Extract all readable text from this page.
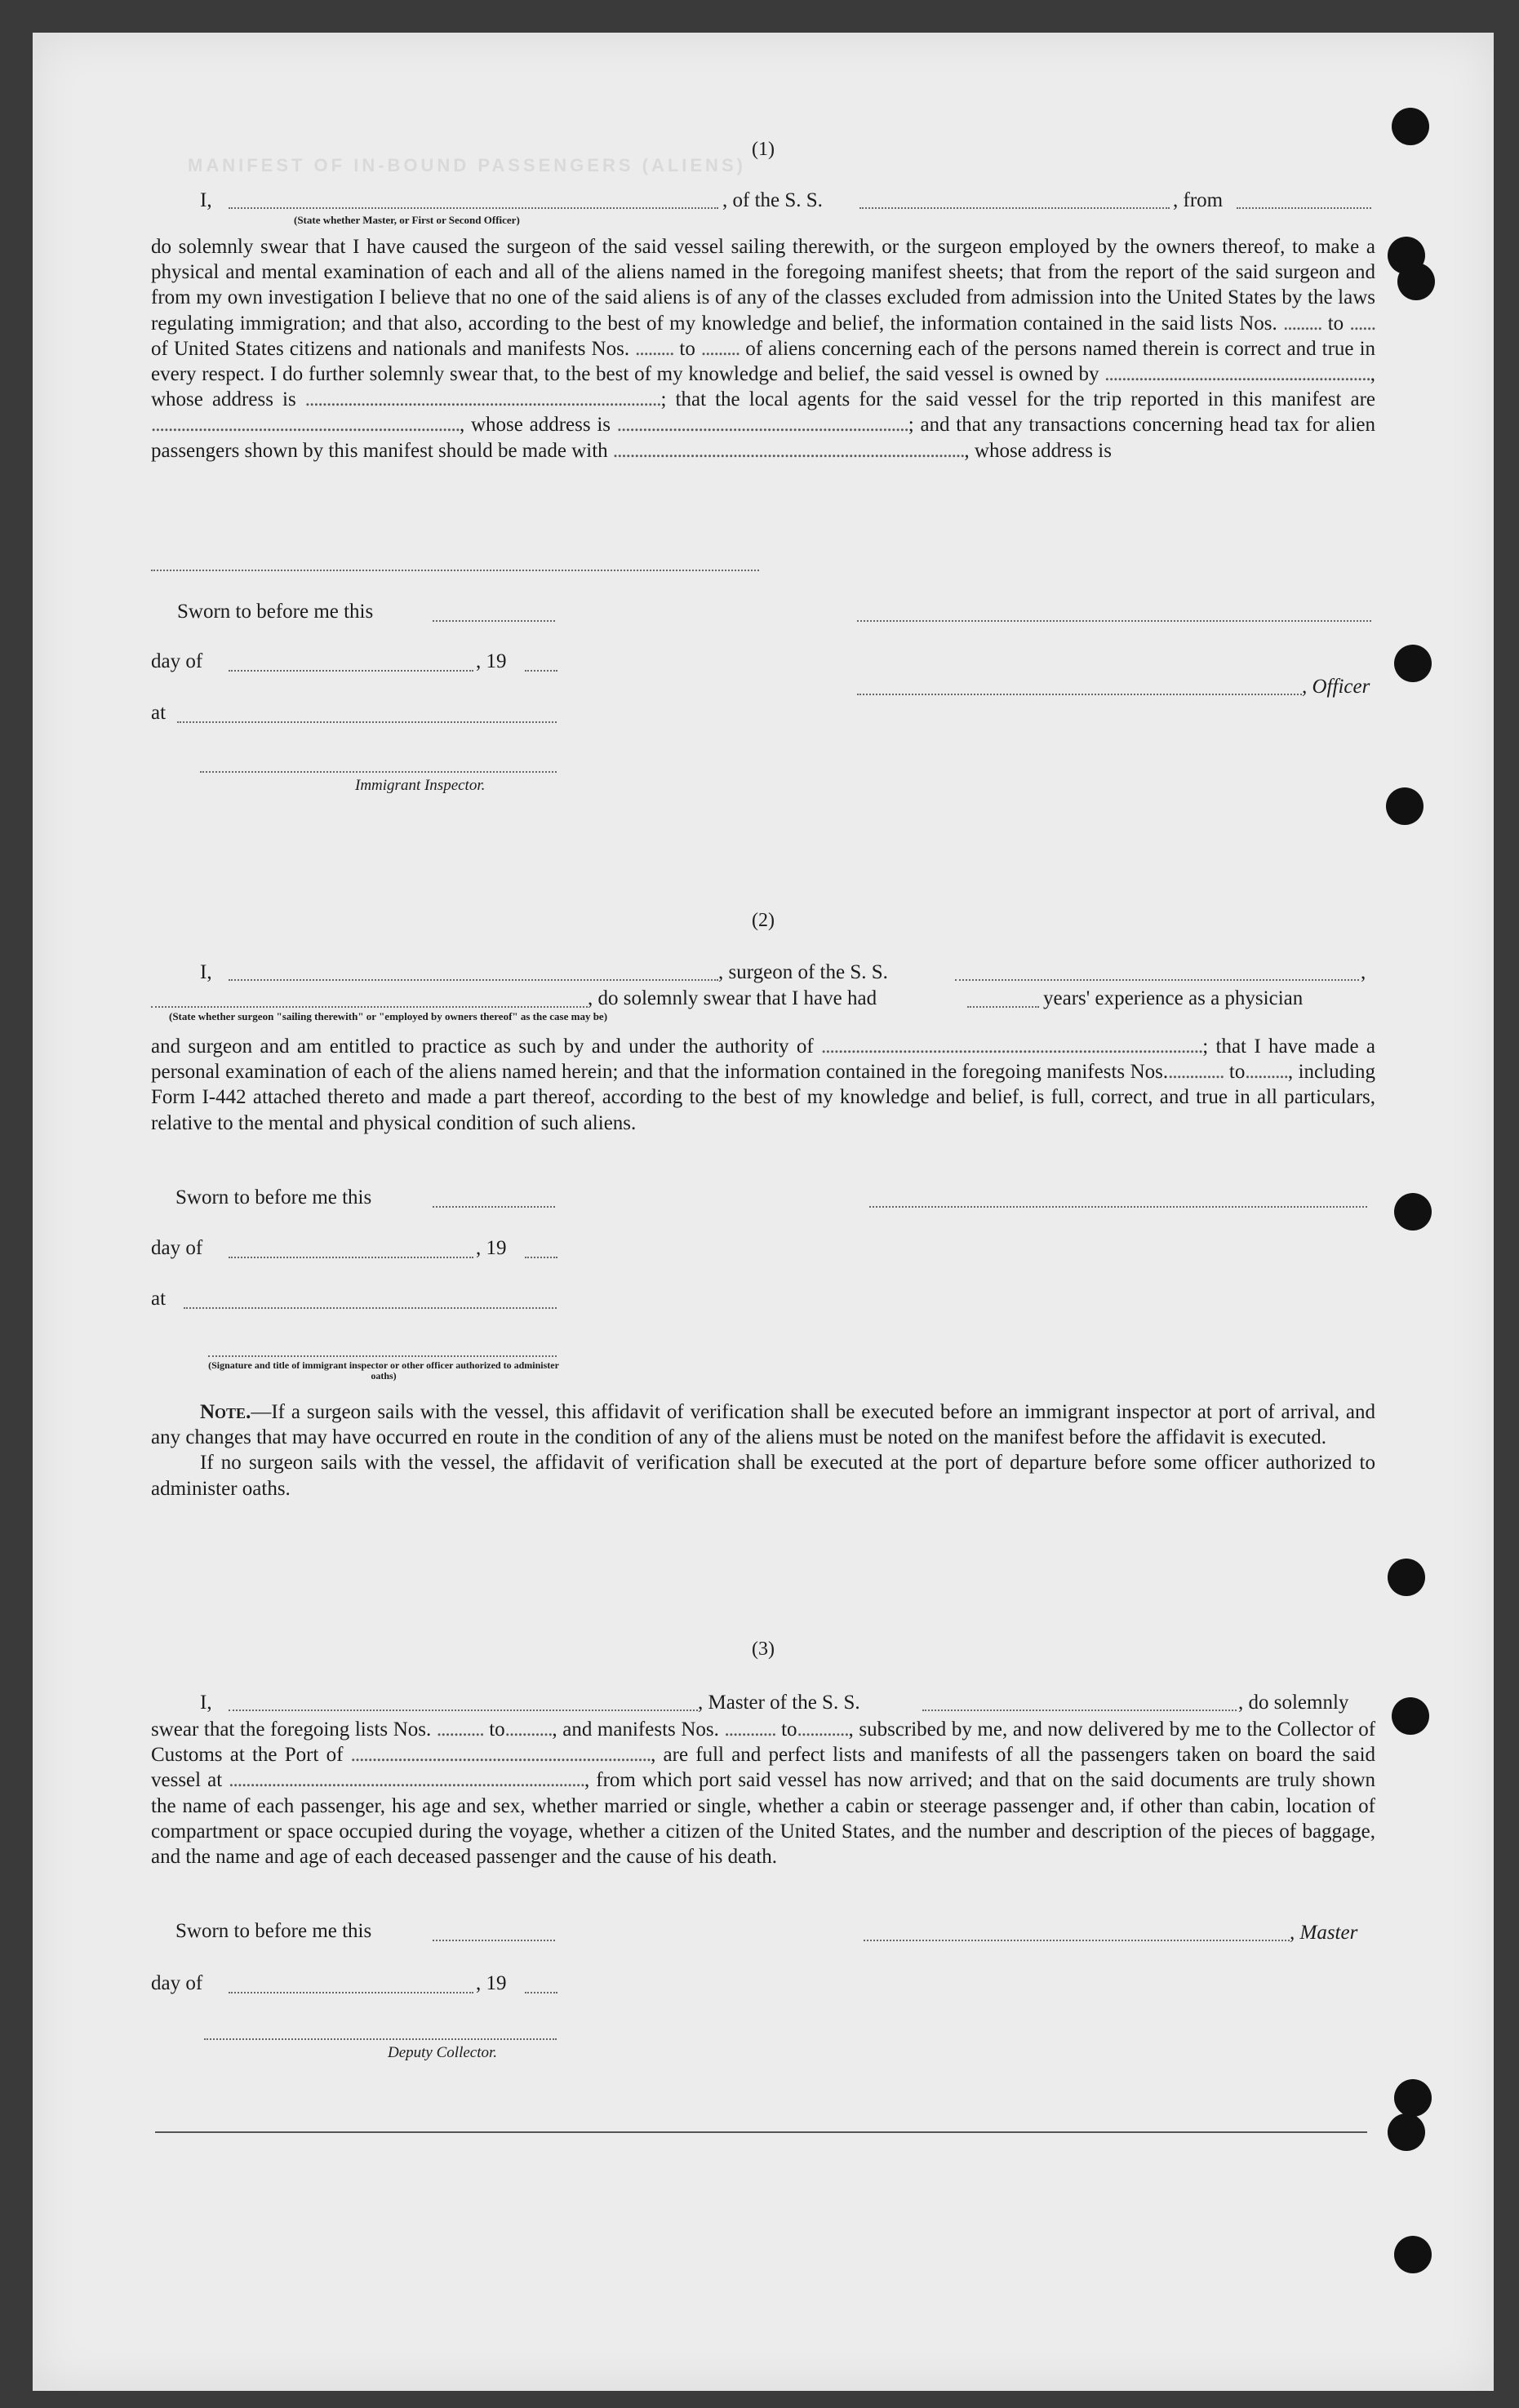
MANIFEST OF IN-BOUND PASSENGERS (ALIENS)
(1)
I,	, of the S. S.	, from
(State whether Master, or First or Second Officer)

do solemnly swear that I have caused the surgeon of the said vessel sailing therewith, or the surgeon employed by the owners thereof, to make a physical and mental examination of each and all of the aliens named in the foregoing manifest sheets; that from the report of the said surgeon and from my own investigation I believe that no one of the said aliens is of any of the classes excluded from admission into the United States by the laws regulating immigration; and that also, according to the best of my knowledge and belief, the information contained in the said lists Nos. ......... to ...... of United States citizens and nationals and manifests Nos. ......... to ......... of aliens concerning each of the persons named therein is correct and true in every respect. I do further solemnly swear that, to the best of my knowledge and belief, the said vessel is owned by .............................................................., whose address is ...................................................................................; that the local agents for the said vessel for the trip reported in this manifest are ........................................................................, whose address is ....................................................................; and that any transactions concerning head tax for alien passengers shown by this manifest should be made with .................................................................................., whose address is

Sworn to before me this
day of	, 19
, Officer
at
Immigrant Inspector.
(2)
I,	, surgeon of the S. S.	,
, do solemnly swear that I have had	years' experience as a physician
(State whether surgeon "sailing therewith" or "employed by owners thereof" as the case may be)

and surgeon and am entitled to practice as such by and under the authority of .........................................................................................; that I have made a personal examination of each of the aliens named herein; and that the information contained in the foregoing manifests Nos.............. to.........., including Form I-442 attached thereto and made a part thereof, according to the best of my knowledge and belief, is full, correct, and true in all particulars, relative to the mental and physical condition of such aliens.

Sworn to before me this
day of	, 19
at
(Signature and title of immigrant inspector or other officer authorized to administer oaths)

Note.—If a surgeon sails with the vessel, this affidavit of verification shall be executed before an immigrant inspector at port of arrival, and any changes that may have occurred en route in the condition of any of the aliens must be noted on the manifest before the affidavit is executed.

If no surgeon sails with the vessel, the affidavit of verification shall be executed at the port of departure before some officer authorized to administer oaths.

(3)
I,	, Master of the S. S.	, do solemnly

swear that the foregoing lists Nos. ........... to..........., and manifests Nos. ............ to............, subscribed by me, and now delivered by me to the Collector of Customs at the Port of ......................................................................, are full and perfect lists and manifests of all the passengers taken on board the said vessel at ..................................................................................., from which port said vessel has now arrived; and that on the said documents are truly shown the name of each passenger, his age and sex, whether married or single, whether a cabin or steerage passenger and, if other than cabin, location of compartment or space occupied during the voyage, whether a citizen of the United States, and the number and description of the pieces of baggage, and the name and age of each deceased passenger and the cause of his death.

Sworn to before me this	, Master
day of	, 19
Deputy Collector.
